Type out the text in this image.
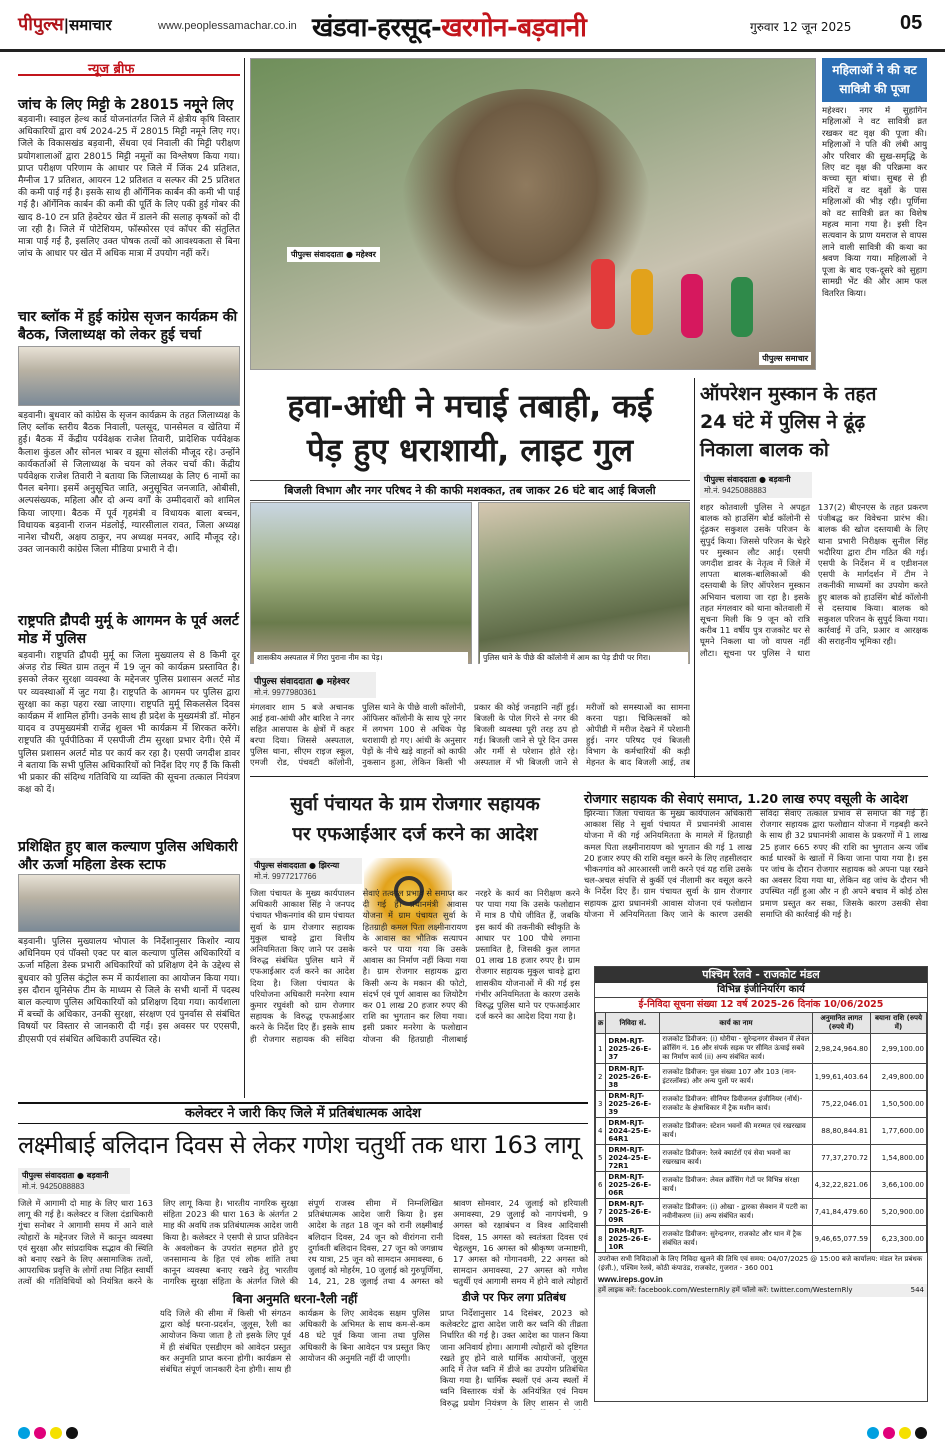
पीपुल्स|समाचार	www.peoplessamachar.co.in खंडवा-हरसूद-खरगोन-बड़वानी	गुरुवार 12 जून 2025 05
न्यूज ब्रीफ
जांच के लिए मिट्टी के 28015 नमूने लिए
बड़वानी। स्वाइल हेल्थ कार्ड योजनांतर्गत जिले में क्षेत्रीय कृषि विस्तार अधिकारियों द्वारा वर्ष 2024-25 में 28015 मिट्टी नमूने लिए गए। जिले के विकासखंड बड़वानी, सेंधवा एवं निवाली की मिट्टी परीक्षण प्रयोगशालाओं द्वारा 28015 मिट्टी नमूनों का विश्लेषण किया गया। प्राप्त परीक्षण परिणाम के आधार पर जिले में जिंक 24 प्रतिशत, मैग्नीज 17 प्रतिशत, आयरन 12 प्रतिशत व सल्फर की 25 प्रतिशत की कमी पाई गई है। इसके साथ ही ऑर्गेनिक कार्बन की कमी भी पाई गई है। ऑर्गेनिक कार्बन की कमी की पूर्ति के लिए पकी हुई गोबर की खाद 8-10 टन प्रति हेक्टेयर खेत में डालने की सलाह कृषकों को दी जा रही है। जिले में पोटेशियम, फॉस्फोरस एवं कॉपर की संतुलित मात्रा पाई गई है, इसलिए उक्त पोषक तत्वों को आवश्यकता से बिना जांच के आधार पर खेत में अधिक मात्रा में उपयोग नहीं करें।
चार ब्लॉक में हुई कांग्रेस सृजन कार्यक्रम की बैठक, जिलाध्यक्ष को लेकर हुई चर्चा
बड़वानी। बुधवार को कांग्रेस के सृजन कार्यक्रम के तहत जिलाध्यक्ष के लिए ब्लॉक स्तरीय बैठक निवाली, पलसूद, पानसेमल व खेतिया में हुई। बैठक में केंद्रीय पर्यवेक्षक राजेश तिवारी, प्रादेशिक पर्यवेक्षक कैलाश कुंडल और सोनल भाबर व झूमा सोलंकी मौजूद रहे। उन्होंने कार्यकर्ताओं से जिलाध्यक्ष के चयन को लेकर चर्चा की। केंद्रीय पर्यवेक्षक राजेश तिवारी ने बताया कि जिलाध्यक्ष के लिए 6 नामों का पैनल बनेगा। इसमें अनुसूचित जाति, अनुसूचित जनजाति, ओबीसी, अल्पसंख्यक, महिला और दो अन्य वर्गों के उम्मीदवारों को शामिल किया जाएगा। बैठक में पूर्व गृहमंत्री व विधायक बाला बच्चन, विधायक बड़वानी राजन मंडलोई, ग्यारसीलाल रावत, जिला अध्यक्ष नानेश चौधरी, अक्षय ठाकुर, नप अध्यक्ष मनवर, आदि मौजूद रहे। उक्त जानकारी कांग्रेस जिला मीडिया प्रभारी ने दी।
राष्ट्रपति द्रौपदी मुर्मू के आगमन के पूर्व अलर्ट मोड में पुलिस
बड़वानी। राष्ट्रपति द्रौपदी मुर्मू का जिला मुख्यालय से 8 किमी दूर अंजड़ रोड स्थित ग्राम तलून में 19 जून को कार्यक्रम प्रस्तावित है। इसको लेकर सुरक्षा व्यवस्था के मद्देनजर पुलिस प्रशासन अलर्ट मोड पर व्यवस्थाओं में जुट गया है। राष्ट्रपति के आगमन पर पुलिस द्वारा सुरक्षा का कड़ा पहरा रखा जाएगा। राष्ट्रपति मुर्मू सिकलसेल दिवस कार्यक्रम में शामिल होंगी। उनके साथ ही प्रदेश के मुख्यमंत्री डॉ. मोहन यादव व उपमुख्यमंत्री राजेंद्र शुक्ल भी कार्यक्रम में शिरकत करेंगे। राष्ट्रपति की पूर्वपीठिका में एसपीजी टीम सुरक्षा प्रभार देगी। ऐसे में पुलिस प्रशासन अलर्ट मोड पर कार्य कर रहा है। एसपी जगदीश डावर ने बताया कि सभी पुलिस अधिकारियों को निर्देश दिए गए हैं कि किसी भी प्रकार की संदिग्ध गतिविधि या व्यक्ति की सूचना तत्काल नियंत्रण कक्ष को दें।
प्रशिक्षित हुए बाल कल्याण पुलिस अधिकारी और ऊर्जा महिला डेस्क स्टाफ
बड़वानी। पुलिस मुख्यालय भोपाल के निर्देशानुसार किशोर न्याय अधिनियम एवं पॉक्सो एक्ट पर बाल कल्याण पुलिस अधिकारियों व ऊर्जा महिला डेस्क प्रभारी अधिकारियों को प्रशिक्षण देने के उद्देश्य से बुधवार को पुलिस कंट्रोल रूम में कार्यशाला का आयोजन किया गया। इस दौरान यूनिसेफ टीम के माध्यम से जिले के सभी थानों में पदस्थ बाल कल्याण पुलिस अधिकारियों को प्रशिक्षण दिया गया। कार्यशाला में बच्चों के अधिकार, उनकी सुरक्षा, संरक्षण एवं पुनर्वास से संबंधित विषयों पर विस्तार से जानकारी दी गई। इस अवसर पर एएसपी, डीएसपी एवं संबंधित अधिकारी उपस्थित रहे।
पीपुल्स समाचार
पीपुल्स संवाददाता ● महेश्वर
महिलाओं ने की वट
सावित्री की पूजा
महेश्वर। नगर में सुहागिन महिलाओं ने वट सावित्री व्रत रखकर वट वृक्ष की पूजा की। महिलाओं ने पति की लंबी आयु और परिवार की सुख-समृद्धि के लिए वट वृक्ष की परिक्रमा कर कच्चा सूत बांधा। सुबह से ही मंदिरों व वट वृक्षों के पास महिलाओं की भीड़ रही। पूर्णिमा को वट सावित्री व्रत का विशेष महत्व माना गया है। इसी दिन सत्यवान के प्राण यमराज से वापस लाने वाली सावित्री की कथा का श्रवण किया गया। महिलाओं ने पूजा के बाद एक-दूसरे को सुहाग सामग्री भेंट की और आम फल वितरित किया।
हवा-आंधी ने मचाई तबाही, कई
पेड़ हुए धराशायी, लाइट गुल
बिजली विभाग और नगर परिषद ने की काफी मशक्कत, तब जाकर 26 घंटे बाद आई बिजली
शासकीय अस्पताल में गिरा पुराना नीम का पेड़।	पुलिस थाने के पीछे की कॉलोनी में आम का पेड़ डीपी पर गिरा।
पीपुल्स संवाददाता ● महेश्वर
मो.नं. 9977980361
मंगलवार शाम 5 बजे अचानक आई हवा-आंधी और बारिश ने नगर सहित आसपास के क्षेत्रों में कहर बरपा दिया। जिससे अस्पताल, पुलिस थाना, सीएम राइज स्कूल, एमजी रोड, पंचवटी कॉलोनी, पुलिस थाने के पीछे वाली कॉलोनी, ऑफिसर कॉलोनी के साथ पूरे नगर में लगभग 100 से अधिक पेड़ धराशायी हो गए। आंधी के अनुसार पेड़ों के नीचे खड़े वाहनों को काफी नुकसान हुआ, लेकिन किसी भी प्रकार की कोई जनहानि नहीं हुई। बिजली के पोल गिरने से नगर की बिजली व्यवस्था पूरी तरह ठप हो गई। बिजली जाने से पूरे दिन उमस और गर्मी से परेशान होते रहे। अस्पताल में भी बिजली जाने से मरीजों को समस्याओं का सामना करना पड़ा। चिकित्सकों को ओपीडी में मरीज देखने में परेशानी हुई। नगर परिषद एवं बिजली विभाग के कर्मचारियों की कड़ी मेहनत के बाद बिजली आई, तब
ऑपरेशन मुस्कान के तहत
24 घंटे में पुलिस ने ढूंढ़
निकाला बालक को
पीपुल्स संवाददाता ● बड़वानी
मो.नं. 9425088883
शहर कोतवाली पुलिस ने अपहृत बालक को हाउसिंग बोर्ड कॉलोनी से दूंढ़कर सकुशल उसके परिजन के सुपुर्द किया। जिससे परिजन के चेहरे पर मुस्कान लौट आई। एसपी जगदीश डावर के नेतृत्व में जिले में लापता बालक-बालिकाओं की दस्तयाबी के लिए ऑपरेशन मुस्कान अभियान चलाया जा रहा है। इसके तहत मंगलवार को थाना कोतवाली में सूचना मिली कि 9 जून को रात्रि करीब 11 वर्षीय पुत्र राजकोट घर से घूमने निकला था जो वापस नहीं लौटा। सूचना पर पुलिस ने धारा 137(2) बीएनएस के तहत प्रकरण पंजीबद्ध कर विवेचना प्रारंभ की। बालक की खोज दस्तयाबी के लिए थाना प्रभारी निरीक्षक सुनील सिंह भदौरिया द्वारा टीम गठित की गई। एसपी के निर्देशन में व एडीशनल एसपी के मार्गदर्शन में टीम ने तकनीकी माध्यमों का उपयोग करते हुए बालक को हाउसिंग बोर्ड कॉलोनी से दस्तयाब किया। बालक को सकुशल परिजन के सुपुर्द किया गया। कार्रवाई में उनि, प्रआर व आरक्षक की सराहनीय भूमिका रही।
सुर्वा पंचायत के ग्राम रोजगार सहायक
पर एफआईआर दर्ज करने का आदेश
पीपुल्स संवाददाता ● झिरन्या
मो.नं. 9977217766
जिला पंचायत के मुख्य कार्यपालन अधिकारी आकाश सिंह ने जनपद पंचायत भीकनगांव की ग्राम पंचायत सुर्वा के ग्राम रोजगार सहायक मुकुल चावड़े द्वारा वित्तीय अनियमितता किए जाने पर उसके विरुद्ध संबंधित पुलिस थाने में एफआईआर दर्ज करने का आदेश दिया है। जिला पंचायत के परियोजना अधिकारी मनरेगा श्याम कुमार रघुवंशी को ग्राम रोजगार सहायक के विरुद्ध एफआईआर करने के निर्देश दिए हैं। इसके साथ ही रोजगार सहायक की संविदा सेवाएं तत्काल प्रभाव से समाप्त कर दी गई हैं। प्रधानमंत्री आवास योजना में ग्राम पंचायत सुर्वा के हितग्राही कमल पिता लक्ष्मीनारायण के आवास का भौतिक सत्यापन करने पर पाया गया कि उसके आवास का निर्माण नहीं किया गया है। ग्राम रोजगार सहायक द्वारा किसी अन्य के मकान की फोटो, संदर्भ एवं पूर्ण आवास का जियोटैग कर 01 लाख 20 हजार रुपए की राशि का भुगतान कर लिया गया। इसी प्रकार मनरेगा के फलोद्यान योजना की हितग्राही नीलाबाई नरहरे के कार्य का निरीक्षण करने पर पाया गया कि उसके फलोद्यान में मात्र 8 पौधे जीवित हैं, जबकि इस कार्य की तकनीकी स्वीकृति के आधार पर 100 पौधे लगाना प्रस्तावित है, जिसकी कुल लागत 01 लाख 18 हजार रुपए है। ग्राम रोजगार सहायक मुकुल चावड़े द्वारा शासकीय योजनाओं में की गई इस गंभीर अनियमितता के कारण उसके विरुद्ध पुलिस थाने पर एफआईआर दर्ज करने का आदेश दिया गया है।
रोजगार सहायक की सेवाएं समाप्त, 1.20 लाख रुपए वसूली के आदेश
झिरन्या। जिला पंचायत के मुख्य कार्यपालन अधिकारी आकाश सिंह ने सुर्वा पंचायत में प्रधानमंत्री आवास योजना में की गई अनियमितता के मामले में हितग्राही कमल पिता लक्ष्मीनारायण को भुगतान की गई 1 लाख 20 हजार रुपए की राशि वसूल करने के लिए तहसीलदार भीकनगांव को आरआरसी जारी करने एवं यह राशि उसके चल-अचल संपत्ति से कुर्की एवं नीलामी कर वसूल करने के निर्देश दिए हैं। ग्राम पंचायत सुर्वा के ग्राम रोजगार सहायक द्वारा प्रधानमंत्री आवास योजना एवं फलोद्यान योजना में अनियमितता किए जाने के कारण उसकी संविदा सेवाएं तत्काल प्रभाव से समाप्त की गई हैं। रोजगार सहायक द्वारा फलोद्यान योजना में गड़बड़ी करने के साथ ही 32 प्रधानमंत्री आवास के प्रकरणों में 1 लाख 25 हजार 665 रुपए की राशि का भुगतान अन्य जॉब कार्ड धारकों के खातों में किया जाना पाया गया है। इस पर जांच के दौरान रोजगार सहायक को अपना पक्ष रखने का अवसर दिया गया था, लेकिन वह जांच के दौरान भी उपस्थित नहीं हुआ और न ही अपने बचाव में कोई ठोस प्रमाण प्रस्तुत कर सका, जिसके कारण उसकी सेवा समाप्ति की कार्रवाई की गई है।
पश्चिम रेलवे - राजकोट मंडल
विभिन्न इंजीनियरिंग कार्य
ई-निविदा सूचना संख्या 12 वर्ष 2025-26 दिनांक 10/06/2025
क्र	निविदा सं.	कार्य का नाम	अनुमानित लागत (रुपये में)	बयाना राशि (रुपये में)
1	DRM-RJT-2025-26-E-37	राजकोट डिवीजन: (i) धोरीया - सुरेन्द्रनगर सेक्शन में लेवल क्रॉसिंग नं. 16 और संपर्क सड़क पर सीमित ऊंचाई सबवे का निर्माण कार्य (ii) अन्य संबंधित कार्य।	2,98,24,964.80	2,99,100.00
2	DRM-RJT-2025-26-E-38	राजकोट डिवीजन: पुल संख्या 107 और 103 (नान-इंटरलॉक्ड) और अन्य पुलों पर कार्य।	1,99,61,403.64	2,49,800.00
3	DRM-RJT-2025-26-E-39	राजकोट डिवीजन: सीनियर डिवीजनल इंजीनियर (नॉर्थ)-राजकोट के क्षेत्राधिकार में ट्रैक मशीन कार्य।	75,22,046.01	1,50,500.00
4	DRM-RJT-2024-25-E-64R1	राजकोट डिवीजन: स्टेशन भवनों की मरम्मत एवं रखरखाव कार्य।	88,80,844.81	1,77,600.00
5	DRM-RJT-2024-25-E-72R1	राजकोट डिवीजन: रेलवे क्वार्टरों एवं सेवा भवनों का रखरखाव कार्य।	77,37,270.72	1,54,800.00
6	DRM-RJT-2025-26-E-06R	राजकोट डिवीजन: लेवल क्रॉसिंग गेटों पर विभिन्न संरक्षा कार्य।	4,32,22,821.06	3,66,100.00
7	DRM-RJT-2025-26-E-09R	राजकोट डिवीजन: (i) ओखा - द्वारका सेक्शन में पटरी का नवीनीकरण (ii) अन्य संबंधित कार्य।	7,41,84,479.60	5,20,900.00
8	DRM-RJT-2025-26-E-10R	राजकोट डिवीजन: सुरेन्द्रनगर, राजकोट और थान में ट्रैक संबंधित कार्य।	9,46,65,077.59	6,23,300.00
उपरोक्त सभी निविदाओं के लिए निविदा खुलने की तिथि एवं समय: 04/07/2025 @ 15:00 बजे कार्यालय: मंडल रेल प्रबंधक (इंजी.), पश्चिम रेलवे, कोठी कंपाउंड, राजकोट, गुजरात - 360 001
www.ireps.gov.in
हमें लाइक करें: facebook.com/WesternRly हमें फॉलो करें: twitter.com/WesternRly	544
कलेक्टर ने जारी किए जिले में प्रतिबंधात्मक आदेश
लक्ष्मीबाई बलिदान दिवस से लेकर गणेश चतुर्थी तक धारा 163 लागू
पीपुल्स संवाददाता ● बड़वानी
मो.नं. 9425088883
जिले में आगामी दो माह के लिए धारा 163 लागू की गई है। कलेक्टर व जिला दंडाधिकारी गुंचा सनोबर ने आगामी समय में आने वाले त्योहारों के मद्देनजर जिले में कानून व्यवस्था एवं सुरक्षा और सांप्रदायिक सद्भाव की स्थिति को बनाए रखने के लिए असामाजिक तत्वों, आपराधिक प्रवृत्ति के लोगों तथा निहित स्वार्थी तत्वों की गतिविधियों को नियंत्रित करने के लिए लागू किया है। भारतीय नागरिक सुरक्षा संहिता 2023 की धारा 163 के अंतर्गत 2 माह की अवधि तक प्रतिबंधात्मक आदेश जारी किया है। कलेक्टर ने एसपी से प्राप्त प्रतिवेदन के अवलोकन के उपरांत सहमत होते हुए जनसामान्य के हित एवं लोक शांति तथा कानून व्यवस्था बनाए रखने हेतु भारतीय नागरिक सुरक्षा संहिता के अंतर्गत जिले की संपूर्ण राजस्व सीमा में निम्नलिखित प्रतिबंधात्मक आदेश जारी किया है। इस आदेश के तहत 18 जून को रानी लक्ष्मीबाई बलिदान दिवस, 24 जून को वीरांगना रानी दुर्गावती बलिदान दिवस, 27 जून को जगन्नाथ रथ यात्रा, 25 जून को सामदान अमावस्या, 6 जुलाई को मोहर्रम, 10 जुलाई को गुरुपूर्णिमा, 14, 21, 28 जुलाई तथा 4 अगस्त को श्रावण सोमवार, 24 जुलाई को हरियाली अमावस्या, 29 जुलाई को नागपंचमी, 9 अगस्त को रक्षाबंधन व विश्व आदिवासी दिवस, 15 अगस्त को स्वतंत्रता दिवस एवं चेहल्लुम, 16 अगस्त को श्रीकृष्ण जन्माष्टमी, 17 अगस्त को गोगानवमी, 22 अगस्त को सामदान अमावस्या, 27 अगस्त को गणेश चतुर्थी एवं आगामी समय में होने वाले त्योहारों
बिना अनुमति धरना-रैली नहीं
यदि जिले की सीमा में किसी भी संगठन द्वारा कोई धरना-प्रदर्शन, जुलूस, रैली का आयोजन किया जाता है तो इसके लिए पूर्व में ही संबंधित एसडीएम को आवेदन प्रस्तुत कर अनुमति प्राप्त करना होगी। कार्यक्रम से संबंधित संपूर्ण जानकारी देना होगी। साथ ही कार्यक्रम के लिए आवेदक सक्षम पुलिस अधिकारी के अभिमत के साथ कम-से-कम 48 घंटे पूर्व किया जाना तथा पुलिस अधिकारी के बिना आवेदन पत्र प्रस्तुत किए आयोजन की अनुमति नहीं दी जाएगी।
डीजे पर फिर लगा प्रतिबंध
प्राप्त निर्देशानुसार 14 दिसंबर, 2023 को कलेक्टरेट द्वारा आदेश जारी कर ध्वनि की तीव्रता निर्धारित की गई है। उक्त आदेश का पालन किया जाना अनिवार्य होगा। आगामी त्योहारों को दृष्टिगत रखते हुए होने वाले धार्मिक आयोजनों, जुलूस आदि में तेज ध्वनि में डीजे का उपयोग प्रतिबंधित किया गया है। धार्मिक स्थलों एवं अन्य स्थलों में ध्वनि विस्तारक यंत्रों के अनियंत्रित एवं नियम विरुद्ध प्रयोग नियंत्रण के लिए शासन से जारी
